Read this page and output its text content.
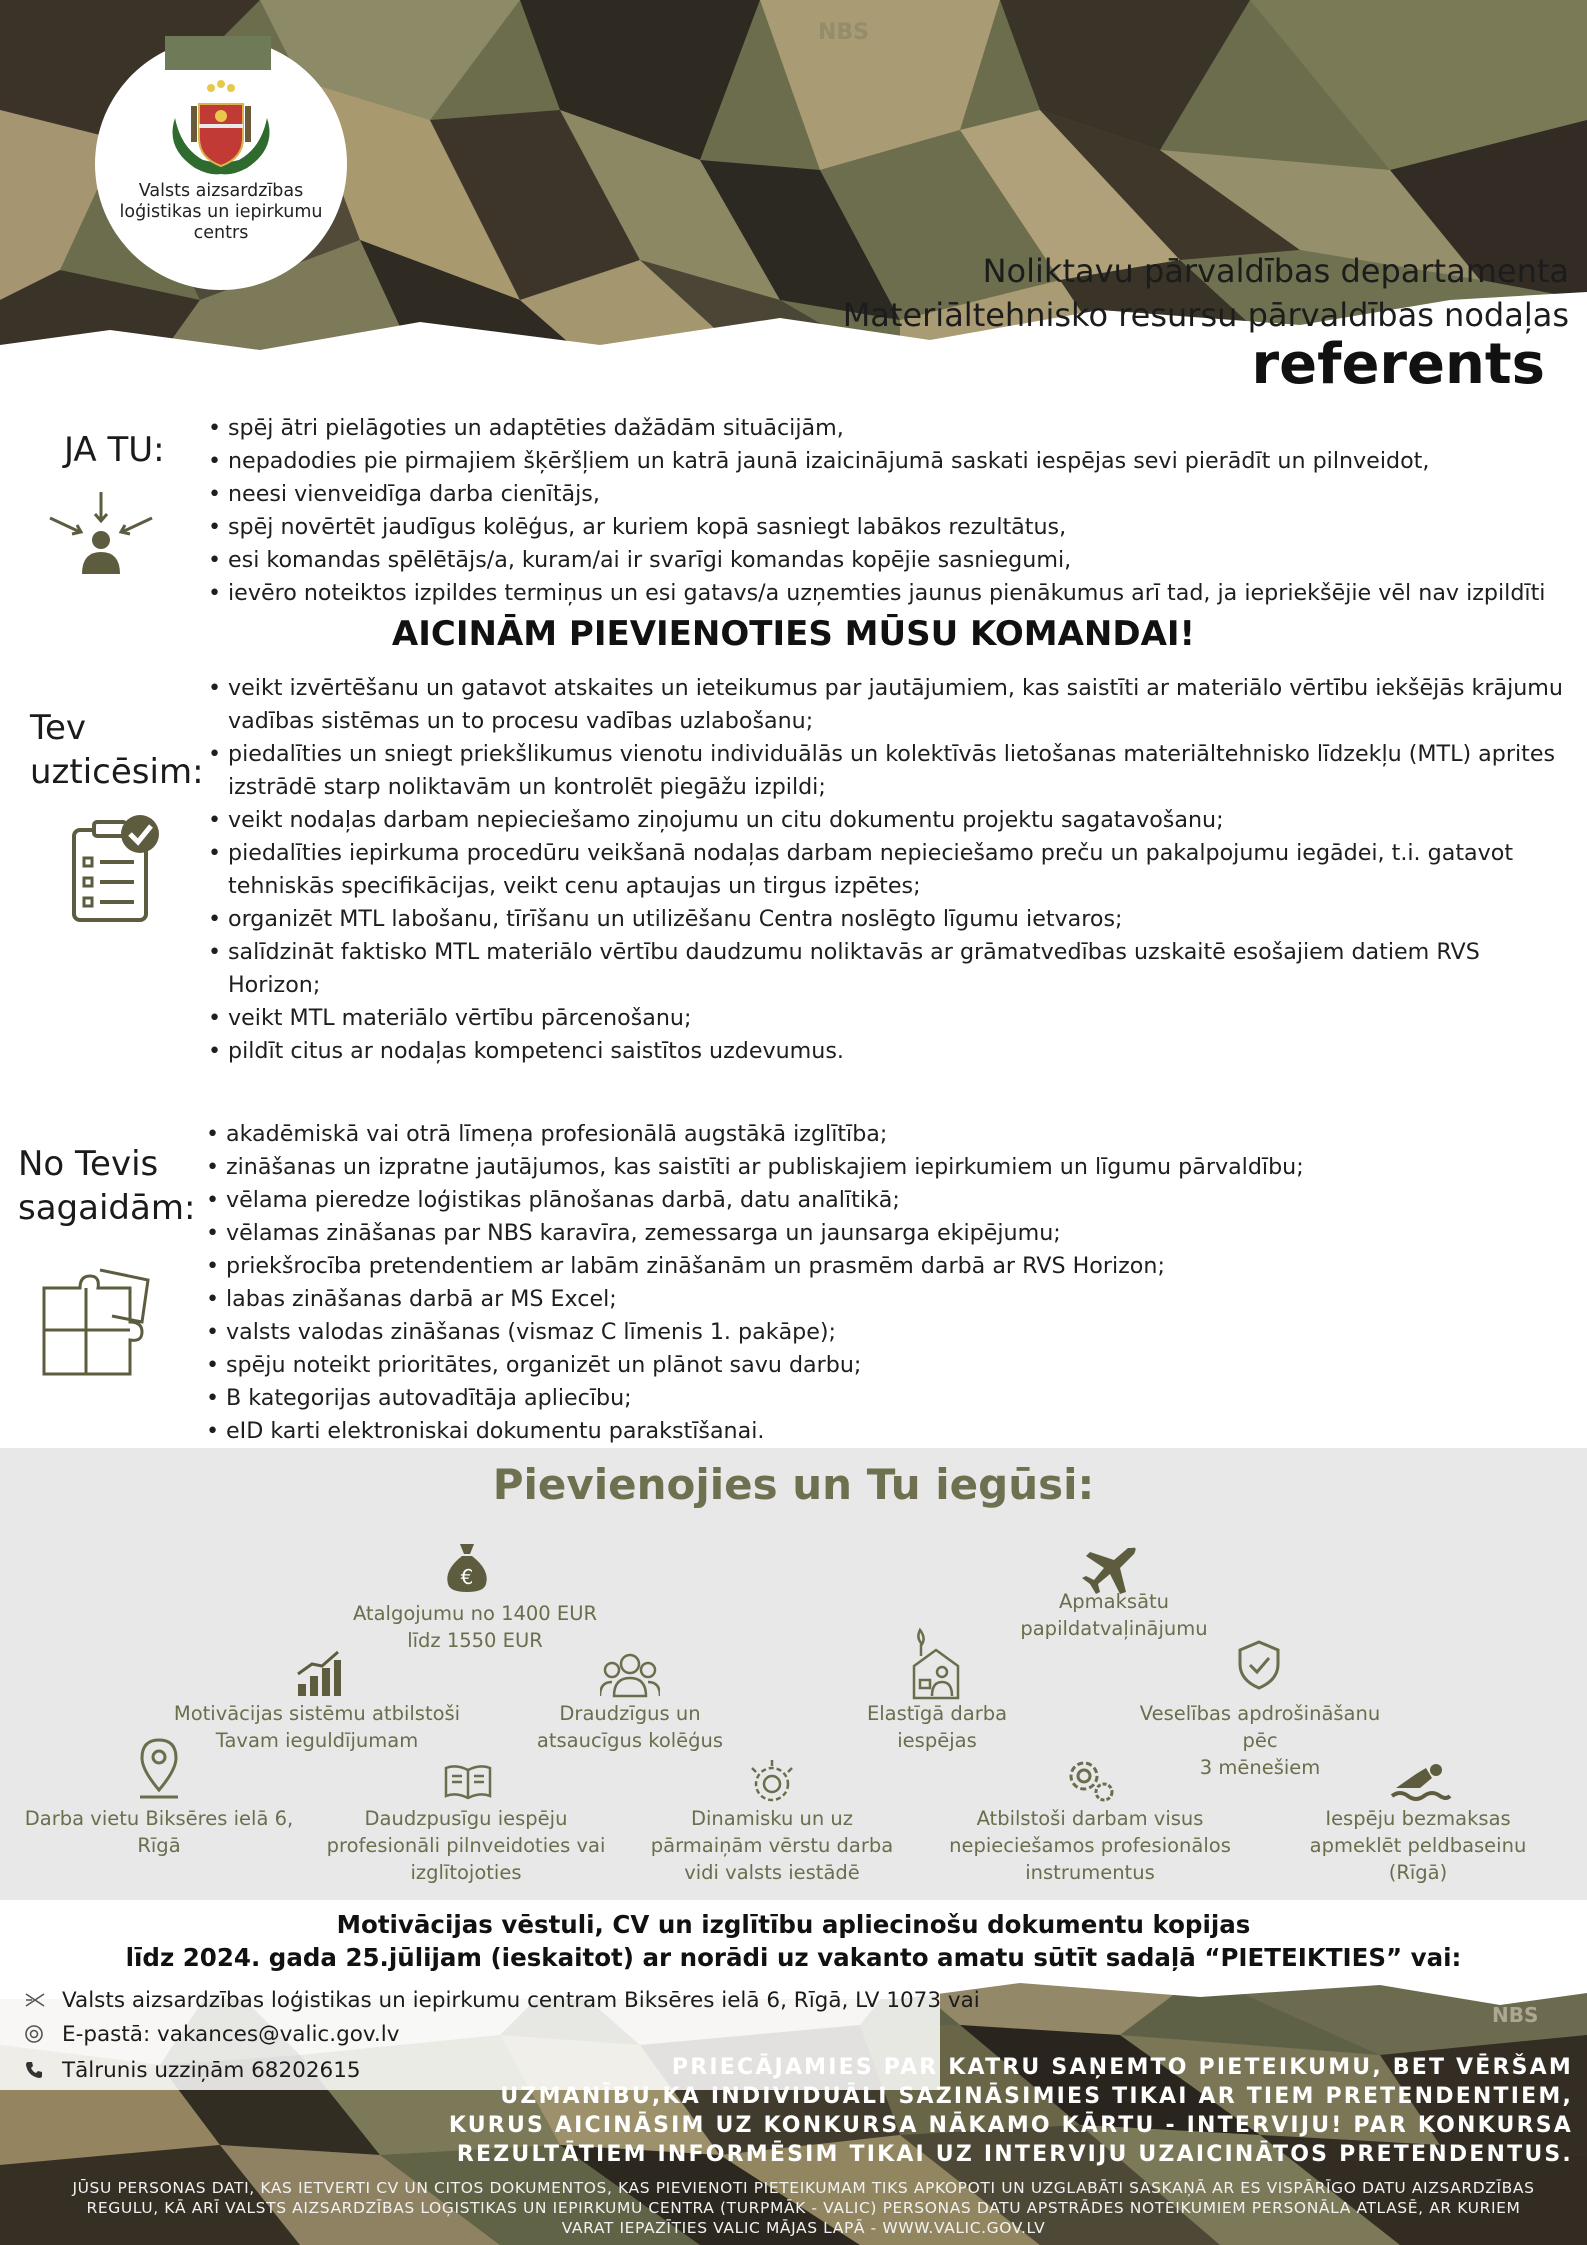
NBS
Valsts aizsardzības
loģistikas un iepirkumu
centrs
Noliktavu pārvaldības departamenta
Materiāltehnisko resursu pārvaldības nodaļas
referents
JA TU:
• spēj ātri pielāgoties un adaptēties dažādām situācijām,
• nepadodies pie pirmajiem šķēršļiem un katrā jaunā izaicinājumā saskati iespējas sevi pierādīt un pilnveidot,
• neesi vienveidīga darba cienītājs,
• spēj novērtēt jaudīgus kolēģus, ar kuriem kopā sasniegt labākos rezultātus,
• esi komandas spēlētājs/a, kuram/ai ir svarīgi komandas kopējie sasniegumi,
• ievēro noteiktos izpildes termiņus un esi gatavs/a uzņemties jaunus pienākumus arī tad, ja iepriekšējie vēl nav izpildīti
AICINĀM PIEVIENOTIES MŪSU KOMANDAI!
Tev
uzticēsim:
• veikt izvērtēšanu un gatavot atskaites un ieteikumus par jautājumiem, kas saistīti ar materiālo vērtību iekšējās krājumu
vadības sistēmas un to procesu vadības uzlabošanu;
• piedalīties un sniegt priekšlikumus vienotu individuālās un kolektīvās lietošanas materiāltehnisko līdzekļu (MTL) aprites
izstrādē starp noliktavām un kontrolēt piegāžu izpildi;
• veikt nodaļas darbam nepieciešamo ziņojumu un citu dokumentu projektu sagatavošanu;
• piedalīties iepirkuma procedūru veikšanā nodaļas darbam nepieciešamo preču un pakalpojumu iegādei, t.i. gatavot
tehniskās specifikācijas, veikt cenu aptaujas un tirgus izpētes;
• organizēt MTL labošanu, tīrīšanu un utilizēšanu Centra noslēgto līgumu ietvaros;
• salīdzināt faktisko MTL materiālo vērtību daudzumu noliktavās ar grāmatvedības uzskaitē esošajiem datiem RVS
Horizon;
• veikt MTL materiālo vērtību pārcenošanu;
• pildīt citus ar nodaļas kompetenci saistītos uzdevumus.
No Tevis
sagaidām:
• akadēmiskā vai otrā līmeņa profesionālā augstākā izglītība;
• zināšanas un izpratne jautājumos, kas saistīti ar publiskajiem iepirkumiem un līgumu pārvaldību;
• vēlama pieredze loģistikas plānošanas darbā, datu analītikā;
• vēlamas zināšanas par NBS karavīra, zemessarga un jaunsarga ekipējumu;
• priekšrocība pretendentiem ar labām zināšanām un prasmēm darbā ar RVS Horizon;
• labas zināšanas darbā ar MS Excel;
• valsts valodas zināšanas (vismaz C līmenis 1. pakāpe);
• spēju noteikt prioritātes, organizēt un plānot savu darbu;
• B kategorijas autovadītāja apliecību;
• eID karti elektroniskai dokumentu parakstīšanai.
Pievienojies un Tu iegūsi:
€
Atalgojumu no 1400 EUR
līdz 1550 EUR
Apmaksātu
papildatvaļinājumu
Motivācijas sistēmu atbilstoši
Tavam ieguldījumam
Draudzīgus un
atsaucīgus kolēģus
Elastīgā darba
iespējas
Veselības apdrošināšanu
pēc
3 mēnešiem
Darba vietu Biksēres ielā 6,
Rīgā
Daudzpusīgu iespēju
profesionāli pilnveidoties vai
izglītojoties
Dinamisku un uz
pārmaiņām vērstu darba
vidi valsts iestādē
Atbilstoši darbam visus
nepieciešamos profesionālos
instrumentus
Iespēju bezmaksas
apmeklēt peldbaseinu
(Rīgā)
Motivācijas vēstuli, CV un izglītību apliecinošu dokumentu kopijas
līdz 2024. gada 25.jūlijam (ieskaitot) ar norādi uz vakanto amatu sūtīt sadaļā “PIETEIKTIES” vai:
NBS
Valsts aizsardzības loģistikas un iepirkumu centram Biksēres ielā 6, Rīgā, LV 1073 vai
E-pastā: vakances@valic.gov.lv
Tālrunis uzziņām 68202615	PRIECĀJAMIES PAR KATRU SAŅEMTO PIETEIKUMU, BET VĒRŠAM
UZMANĪBU,KA INDIVIDUĀLI SAZINĀSIMIES TIKAI AR TIEM PRETENDENTIEM,
KURUS AICINĀSIM UZ KONKURSA NĀKAMO KĀRTU - INTERVIJU! PAR KONKURSA
REZULTĀTIEM INFORMĒSIM TIKAI UZ INTERVIJU UZAICINĀTOS PRETENDENTUS.
JŪSU PERSONAS DATI, KAS IETVERTI CV UN CITOS DOKUMENTOS, KAS PIEVIENOTI PIETEIKUMAM TIKS APKOPOTI UN UZGLABĀTI SASKAŅĀ AR ES VISPĀRĪGO DATU AIZSARDZĪBAS
REGULU, KĀ ARĪ VALSTS AIZSARDZĪBAS LOĢISTIKAS UN IEPIRKUMU CENTRA (TURPMĀK - VALIC) PERSONAS DATU APSTRĀDES NOTEIKUMIEM PERSONĀLA ATLASĒ, AR KURIEM
VARAT IEPAZĪTIES VALIC MĀJAS LAPĀ - WWW.VALIC.GOV.LV
